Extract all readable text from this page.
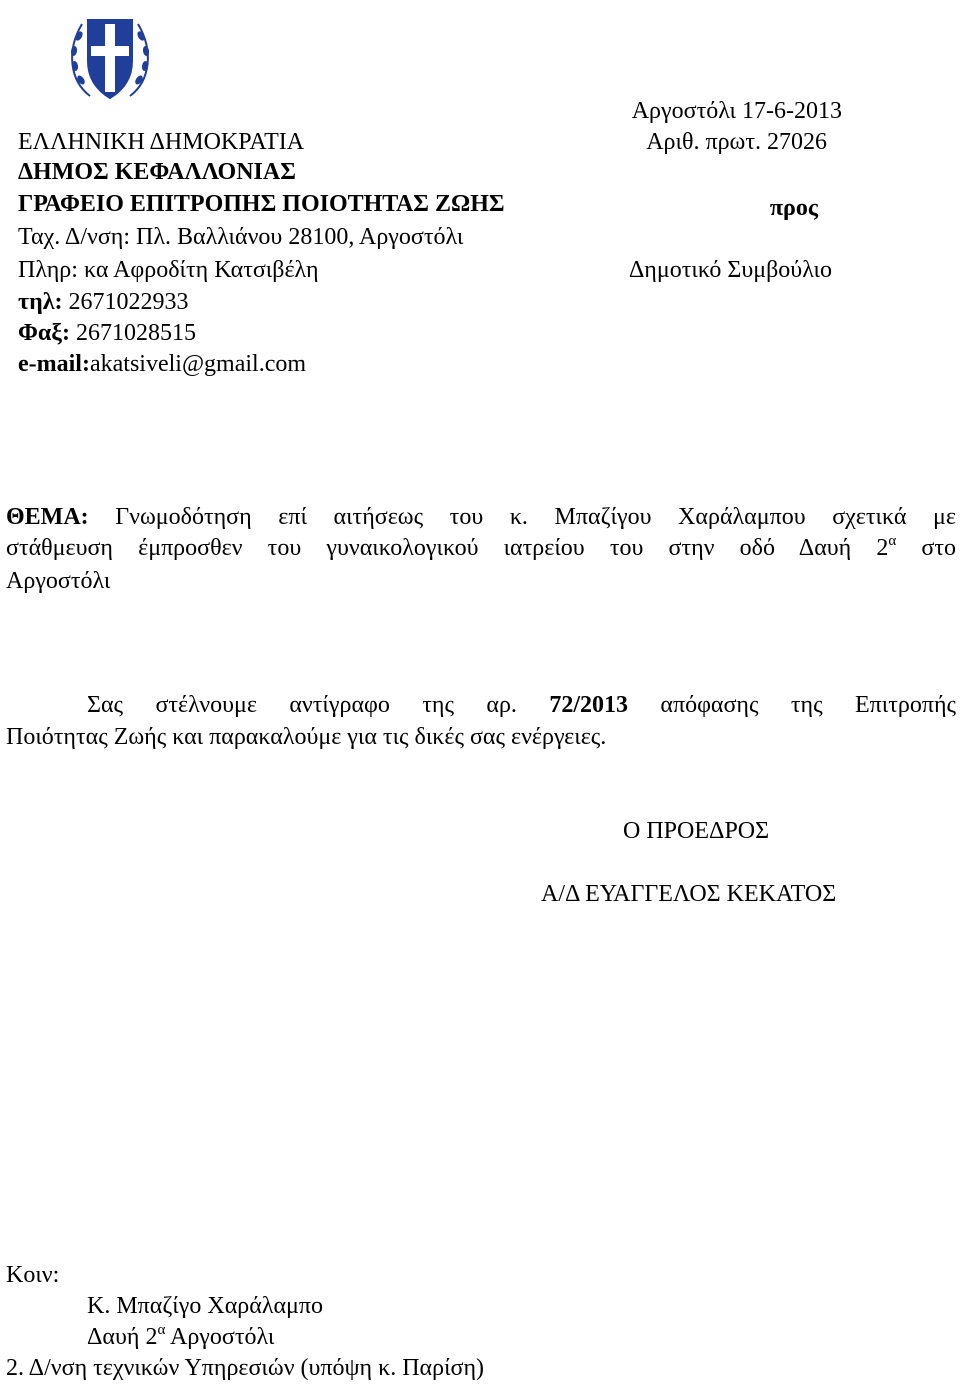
ΕΛΛΗΝΙΚΗ ΔΗΜΟΚΡΑΤΙΑ
ΔΗΜΟΣ ΚΕΦΑΛΛΟΝΙΑΣ
ΓΡΑΦΕΙΟ ΕΠΙΤΡΟΠΗΣ ΠΟΙΟΤΗΤΑΣ ΖΩΗΣ
Ταχ. Δ/νση: Πλ. Βαλλιάνου 28100, Αργοστόλι
Πληρ: κα Αφροδίτη Κατσιβέλη
τηλ: 2671022933
Φαξ: 2671028515
e-mail:akatsiveli@gmail.com
Αργοστόλι 17-6-2013
Αριθ. πρωτ. 27026
προς
Δημοτικό Συμβούλιο
ΘΕΜΑ: Γνωμοδότηση επί αιτήσεως του κ. Μπαζίγου Χαράλαμπου σχετικά με
στάθμευση έμπροσθεν του γυναικολογικού ιατρείου του στην οδό Δαυή $2^\alpha$ στο
Αργοστόλι
Σας στέλνουμε αντίγραφο της αρ. 72/2013 απόφασης της Επιτροπής
Ποιότητας Ζωής και παρακαλούμε για τις δικές σας ενέργειες.
Ο ΠΡΟΕΔΡΟΣ
Α/Δ ΕΥΑΓΓΕΛΟΣ ΚΕΚΑΤΟΣ
Κοιν:
Κ. Μπαζίγο Χαράλαμπο
Δαυή $2^\alpha$ Αργοστόλι
2. Δ/νση τεχνικών Υπηρεσιών (υπόψη κ. Παρίση)
